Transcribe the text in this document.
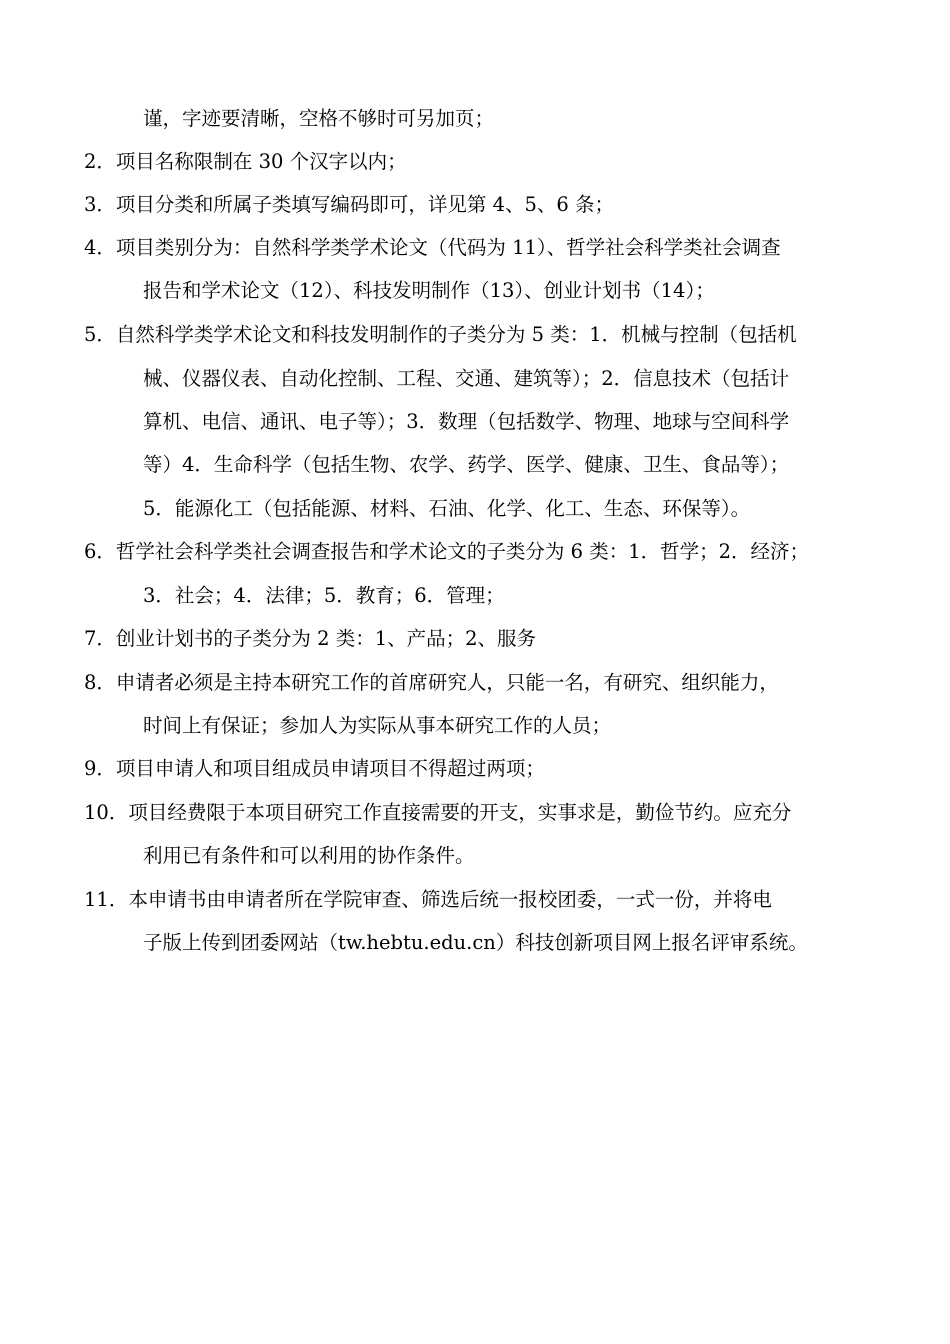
谨，字迹要清晰，空格不够时可另加页；
2．项目名称限制在 30 个汉字以内；
3．项目分类和所属子类填写编码即可，详见第 4、5、6 条；
4．项目类别分为：自然科学类学术论文（代码为 11）、哲学社会科学类社会调查
报告和学术论文（12）、科技发明制作（13）、创业计划书（14）；
5．自然科学类学术论文和科技发明制作的子类分为 5 类：1．机械与控制（包括机
械、仪器仪表、自动化控制、工程、交通、建筑等）；2．信息技术（包括计
算机、电信、通讯、电子等）；3．数理（包括数学、物理、地球与空间科学
等）4．生命科学（包括生物、农学、药学、医学、健康、卫生、食品等）；
5．能源化工（包括能源、材料、石油、化学、化工、生态、环保等）。
6．哲学社会科学类社会调查报告和学术论文的子类分为 6 类：1．哲学；2．经济；
3．社会；4．法律；5．教育；6．管理；
7．创业计划书的子类分为 2 类：1、产品；2、服务
8．申请者必须是主持本研究工作的首席研究人，只能一名，有研究、组织能力，
时间上有保证；参加人为实际从事本研究工作的人员；
9．项目申请人和项目组成员申请项目不得超过两项；
10．项目经费限于本项目研究工作直接需要的开支，实事求是，勤俭节约。应充分
利用已有条件和可以利用的协作条件。
11．本申请书由申请者所在学院审查、筛选后统一报校团委，一式一份，并将电
子版上传到团委网站（tw.hebtu.edu.cn）科技创新项目网上报名评审系统。
